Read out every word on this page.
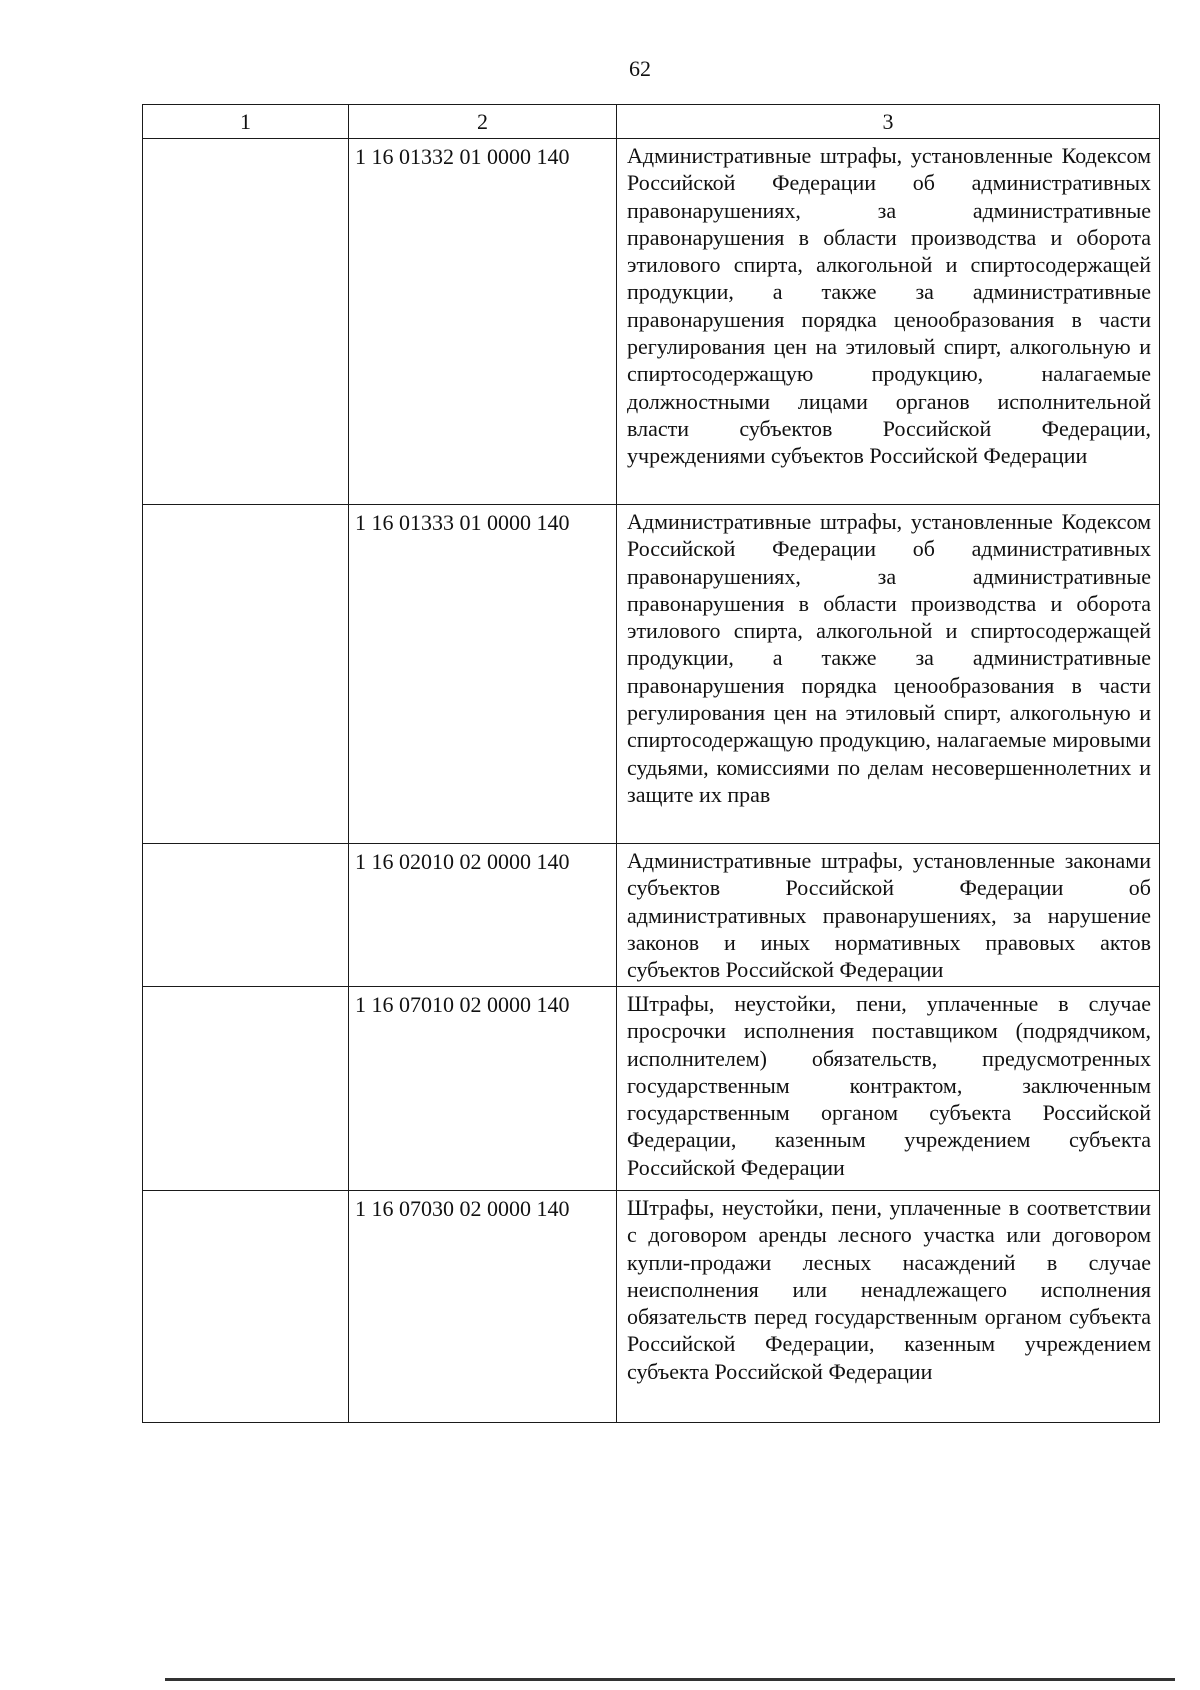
62
1	2	3
	1 16 01332 01 0000 140	Административные штрафы, установленные Кодексом Российской Федерации об административных правонарушениях, за административные правонарушения в области производства и оборота этилового спирта, алкогольной и спиртосодержащей продукции, а также за административные правонарушения порядка ценообразования в части регулирования цен на этиловый спирт, алкогольную и спиртосодержащую продукцию, налагаемые должностными лицами органов исполнительной власти субъектов Российской Федерации, учреждениями субъектов Российской Федерации
	1 16 01333 01 0000 140	Административные штрафы, установленные Кодексом Российской Федерации об административных правонарушениях, за административные правонарушения в области производства и оборота этилового спирта, алкогольной и спиртосодержащей продукции, а также за административные правонарушения порядка ценообразования в части регулирования цен на этиловый спирт, алкогольную и спиртосодержащую продукцию, налагаемые мировыми судьями, комиссиями по делам несовершеннолетних и защите их прав
	1 16 02010 02 0000 140	Административные штрафы, установленные законами субъектов Российской Федерации об административных правонарушениях, за нарушение законов и иных нормативных правовых актов субъектов Российской Федерации
	1 16 07010 02 0000 140	Штрафы, неустойки, пени, уплаченные в случае просрочки исполнения поставщиком (подрядчиком, исполнителем) обязательств, предусмотренных государственным контрактом, заключенным государственным органом субъекта Российской Федерации, казенным учреждением субъекта Российской Федерации
	1 16 07030 02 0000 140	Штрафы, неустойки, пени, уплаченные в соответствии с договором аренды лесного участка или договором купли-продажи лесных насаждений в случае неисполнения или ненадлежащего исполнения обязательств перед государственным органом субъекта Российской Федерации, казенным учреждением субъекта Российской Федерации
